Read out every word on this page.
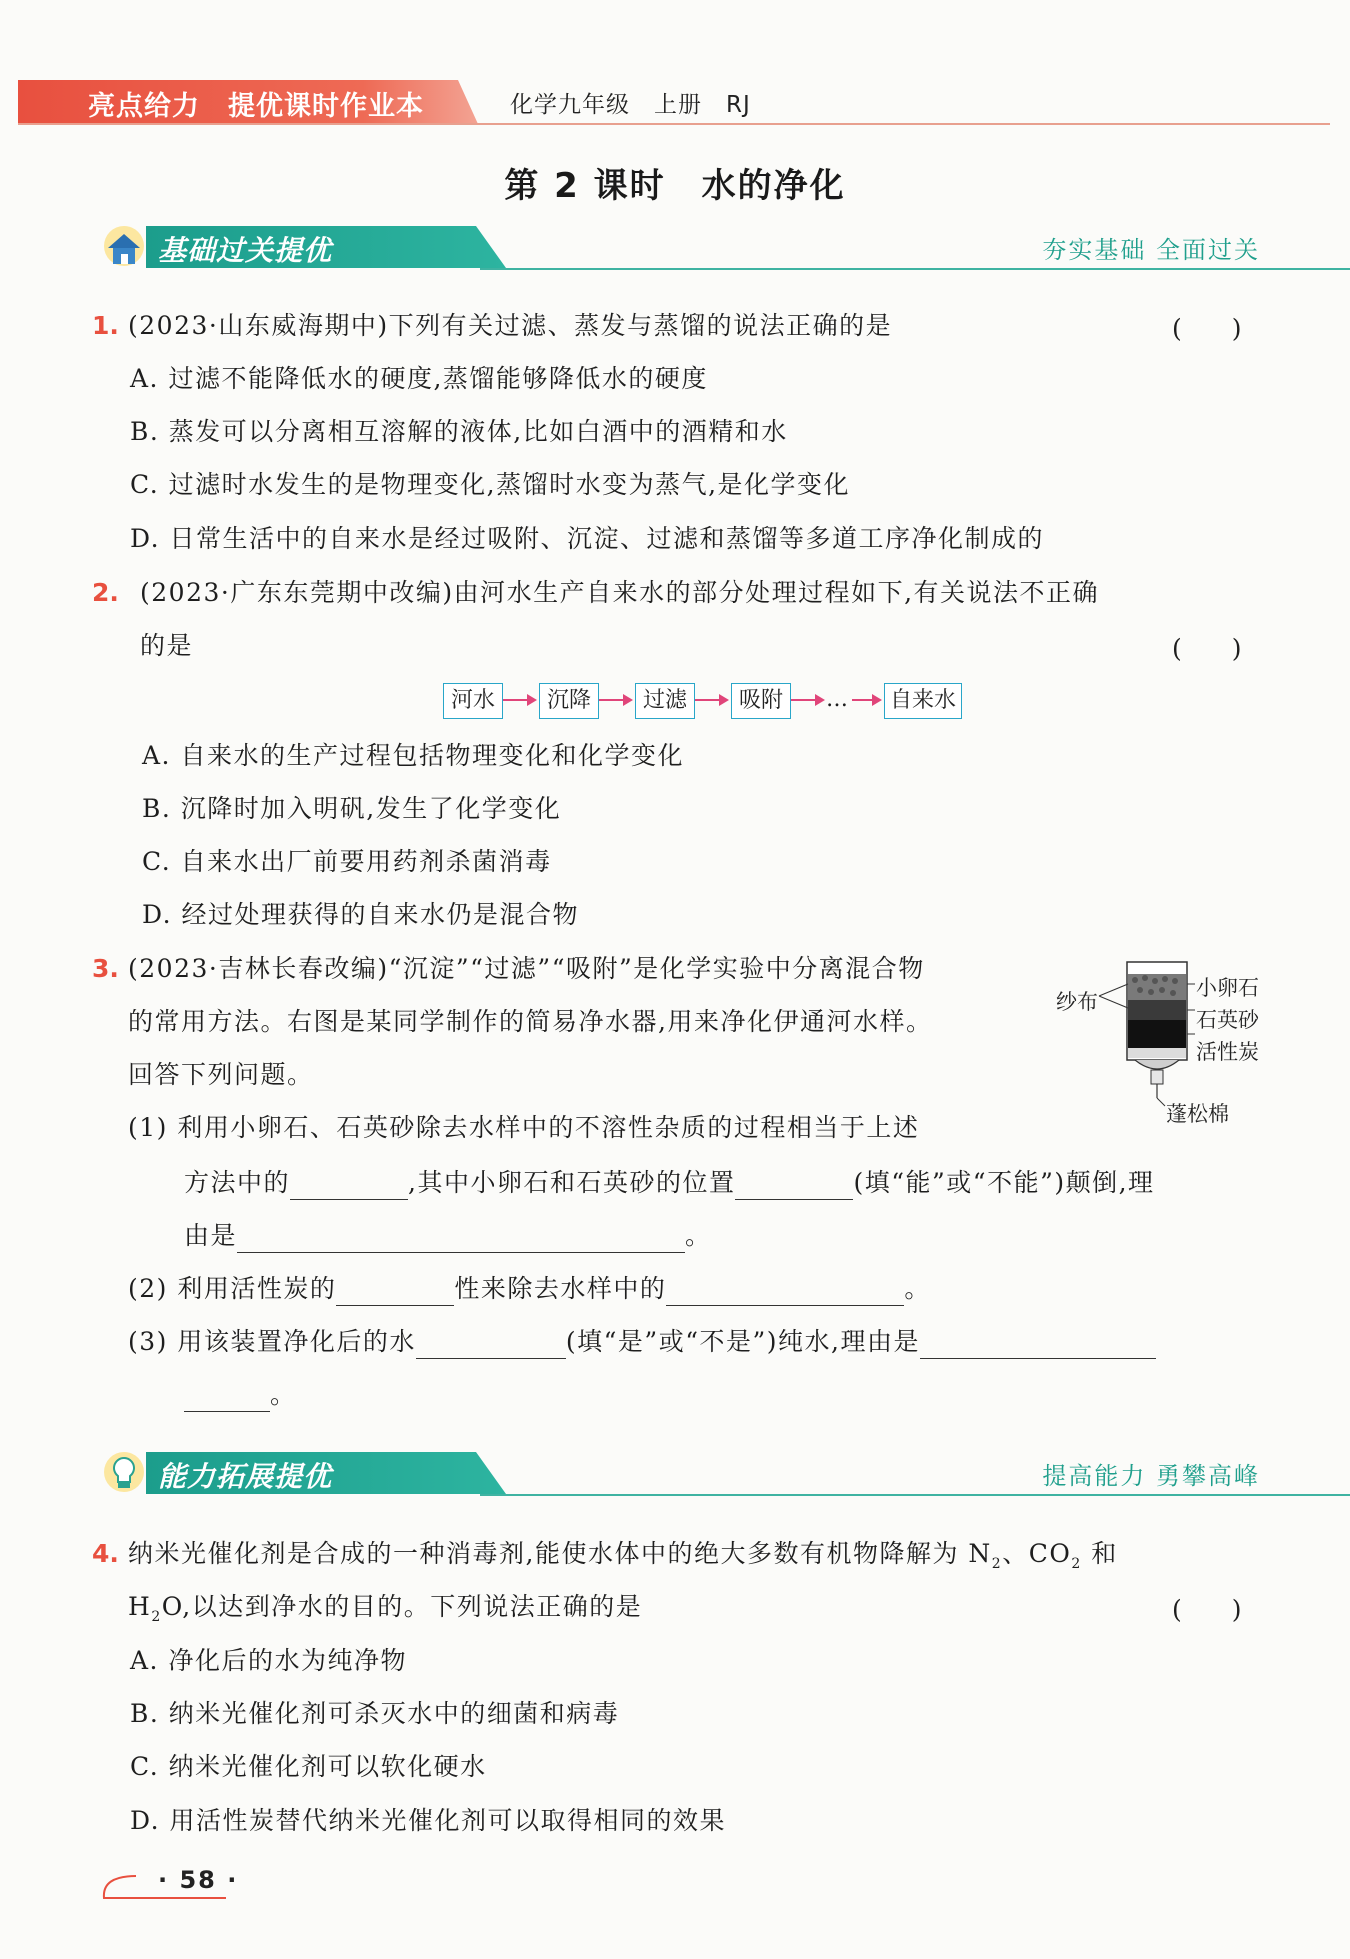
亮点给力　提优课时作业本	化学九年级　上册　RJ
第 2 课时　水的净化
基础过关提优	夯实基础 全面过关
1. (2023·山东威海期中)下列有关过滤、蒸发与蒸馏的说法正确的是	(　　)
A. 过滤不能降低水的硬度,蒸馏能够降低水的硬度
B. 蒸发可以分离相互溶解的液体,比如白酒中的酒精和水
C. 过滤时水发生的是物理变化,蒸馏时水变为蒸气,是化学变化
D. 日常生活中的自来水是经过吸附、沉淀、过滤和蒸馏等多道工序净化制成的
2. (2023·广东东莞期中改编)由河水生产自来水的部分处理过程如下,有关说法不正确
的是	(　　)
河水	沉降	过滤	吸附	… 自来水
A. 自来水的生产过程包括物理变化和化学变化
B. 沉降时加入明矾,发生了化学变化
C. 自来水出厂前要用药剂杀菌消毒
D. 经过处理获得的自来水仍是混合物
3. (2023·吉林长春改编)“沉淀”“过滤”“吸附”是化学实验中分离混合物
的常用方法。右图是某同学制作的简易净水器,用来净化伊通河水样。
回答下列问题。
纱布
小卵石
石英砂
活性炭
蓬松棉
(1) 利用小卵石、石英砂除去水样中的不溶性杂质的过程相当于上述
方法中的	,其中小卵石和石英砂的位置	(填“能”或“不能”)颠倒,理
由是	。
(2) 利用活性炭的	性来除去水样中的	。
(3) 用该装置净化后的水	(填“是”或“不是”)纯水,理由是
。
能力拓展提优	提高能力 勇攀高峰
4. 纳米光催化剂是合成的一种消毒剂,能使水体中的绝大多数有机物降解为 $N_2$、$CO_2$ 和
$H_2O$,以达到净水的目的。下列说法正确的是	(　　)
A. 净化后的水为纯净物
B. 纳米光催化剂可杀灭水中的细菌和病毒
C. 纳米光催化剂可以软化硬水
D. 用活性炭替代纳米光催化剂可以取得相同的效果
· 58 ·
